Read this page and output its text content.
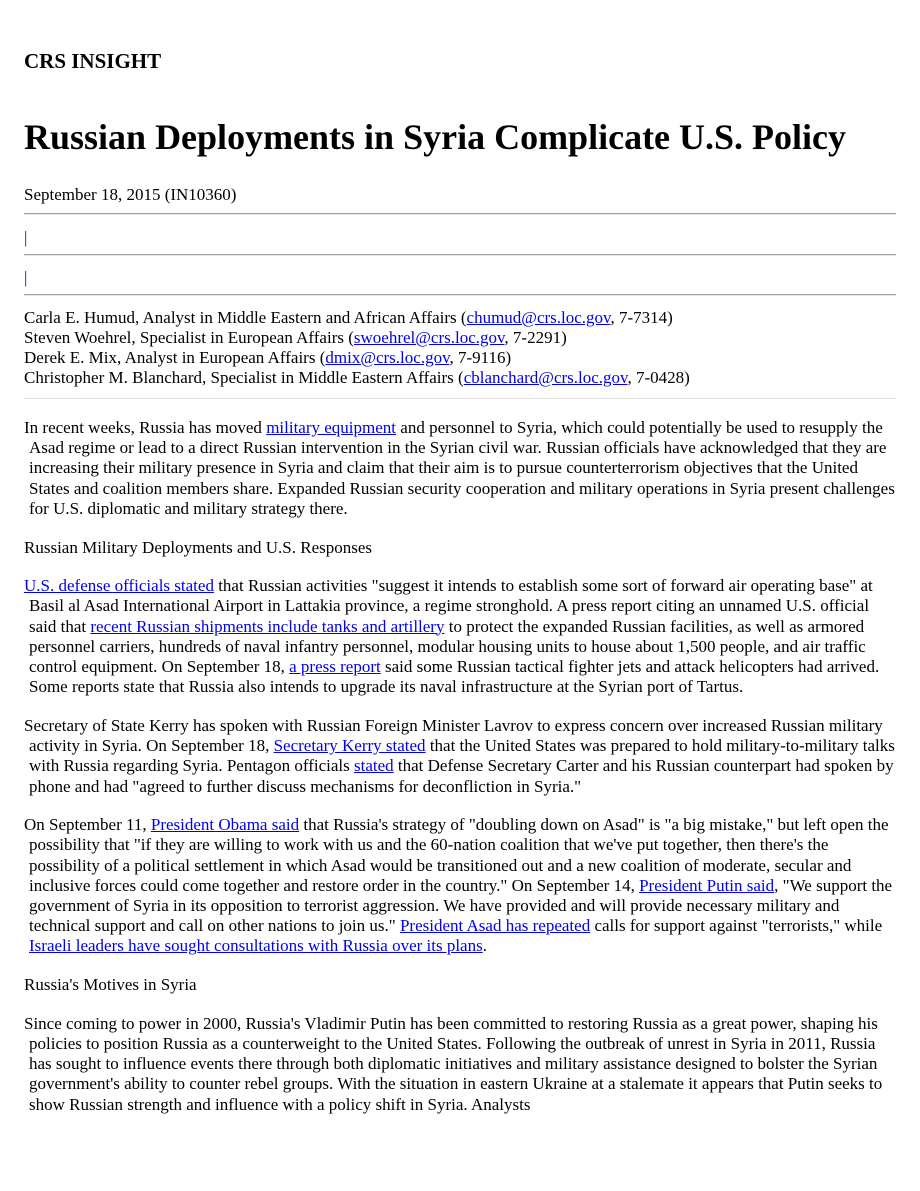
CRS INSIGHT
Russian Deployments in Syria Complicate U.S. Policy
September 18, 2015 (IN10360)
|
|
Carla E. Humud, Analyst in Middle Eastern and African Affairs (chumud@crs.loc.gov, 7-7314)
Steven Woehrel, Specialist in European Affairs (swoehrel@crs.loc.gov, 7-2291)
Derek E. Mix, Analyst in European Affairs (dmix@crs.loc.gov, 7-9116)
Christopher M. Blanchard, Specialist in Middle Eastern Affairs (cblanchard@crs.loc.gov, 7-0428)

In recent weeks, Russia has moved military equipment and personnel to Syria, which could potentially be used to resupply the Asad regime or lead to a direct Russian intervention in the Syrian civil war. Russian officials have acknowledged that they are increasing their military presence in Syria and claim that their aim is to pursue counterterrorism objectives that the United States and coalition members share. Expanded Russian security cooperation and military operations in Syria present challenges for U.S. diplomatic and military strategy there.

Russian Military Deployments and U.S. Responses

U.S. defense officials stated that Russian activities "suggest it intends to establish some sort of forward air operating base" at Basil al Asad International Airport in Lattakia province, a regime stronghold. A press report citing an unnamed U.S. official said that recent Russian shipments include tanks and artillery to protect the expanded Russian facilities, as well as armored personnel carriers, hundreds of naval infantry personnel, modular housing units to house about 1,500 people, and air traffic control equipment. On September 18, a press report said some Russian tactical fighter jets and attack helicopters had arrived. Some reports state that Russia also intends to upgrade its naval infrastructure at the Syrian port of Tartus.

Secretary of State Kerry has spoken with Russian Foreign Minister Lavrov to express concern over increased Russian military activity in Syria. On September 18, Secretary Kerry stated that the United States was prepared to hold military-to-military talks with Russia regarding Syria. Pentagon officials stated that Defense Secretary Carter and his Russian counterpart had spoken by phone and had "agreed to further discuss mechanisms for deconfliction in Syria."

On September 11, President Obama said that Russia's strategy of "doubling down on Asad" is "a big mistake," but left open the possibility that "if they are willing to work with us and the 60-nation coalition that we've put together, then there's the possibility of a political settlement in which Asad would be transitioned out and a new coalition of moderate, secular and inclusive forces could come together and restore order in the country." On September 14, President Putin said, "We support the government of Syria in its opposition to terrorist aggression. We have provided and will provide necessary military and technical support and call on other nations to join us." President Asad has repeated calls for support against "terrorists," while Israeli leaders have sought consultations with Russia over its plans.

Russia's Motives in Syria

Since coming to power in 2000, Russia's Vladimir Putin has been committed to restoring Russia as a great power, shaping his policies to position Russia as a counterweight to the United States. Following the outbreak of unrest in Syria in 2011, Russia has sought to influence events there through both diplomatic initiatives and military assistance designed to bolster the Syrian government's ability to counter rebel groups. With the situation in eastern Ukraine at a stalemate it appears that Putin seeks to show Russian strength and influence with a policy shift in Syria. Analysts
